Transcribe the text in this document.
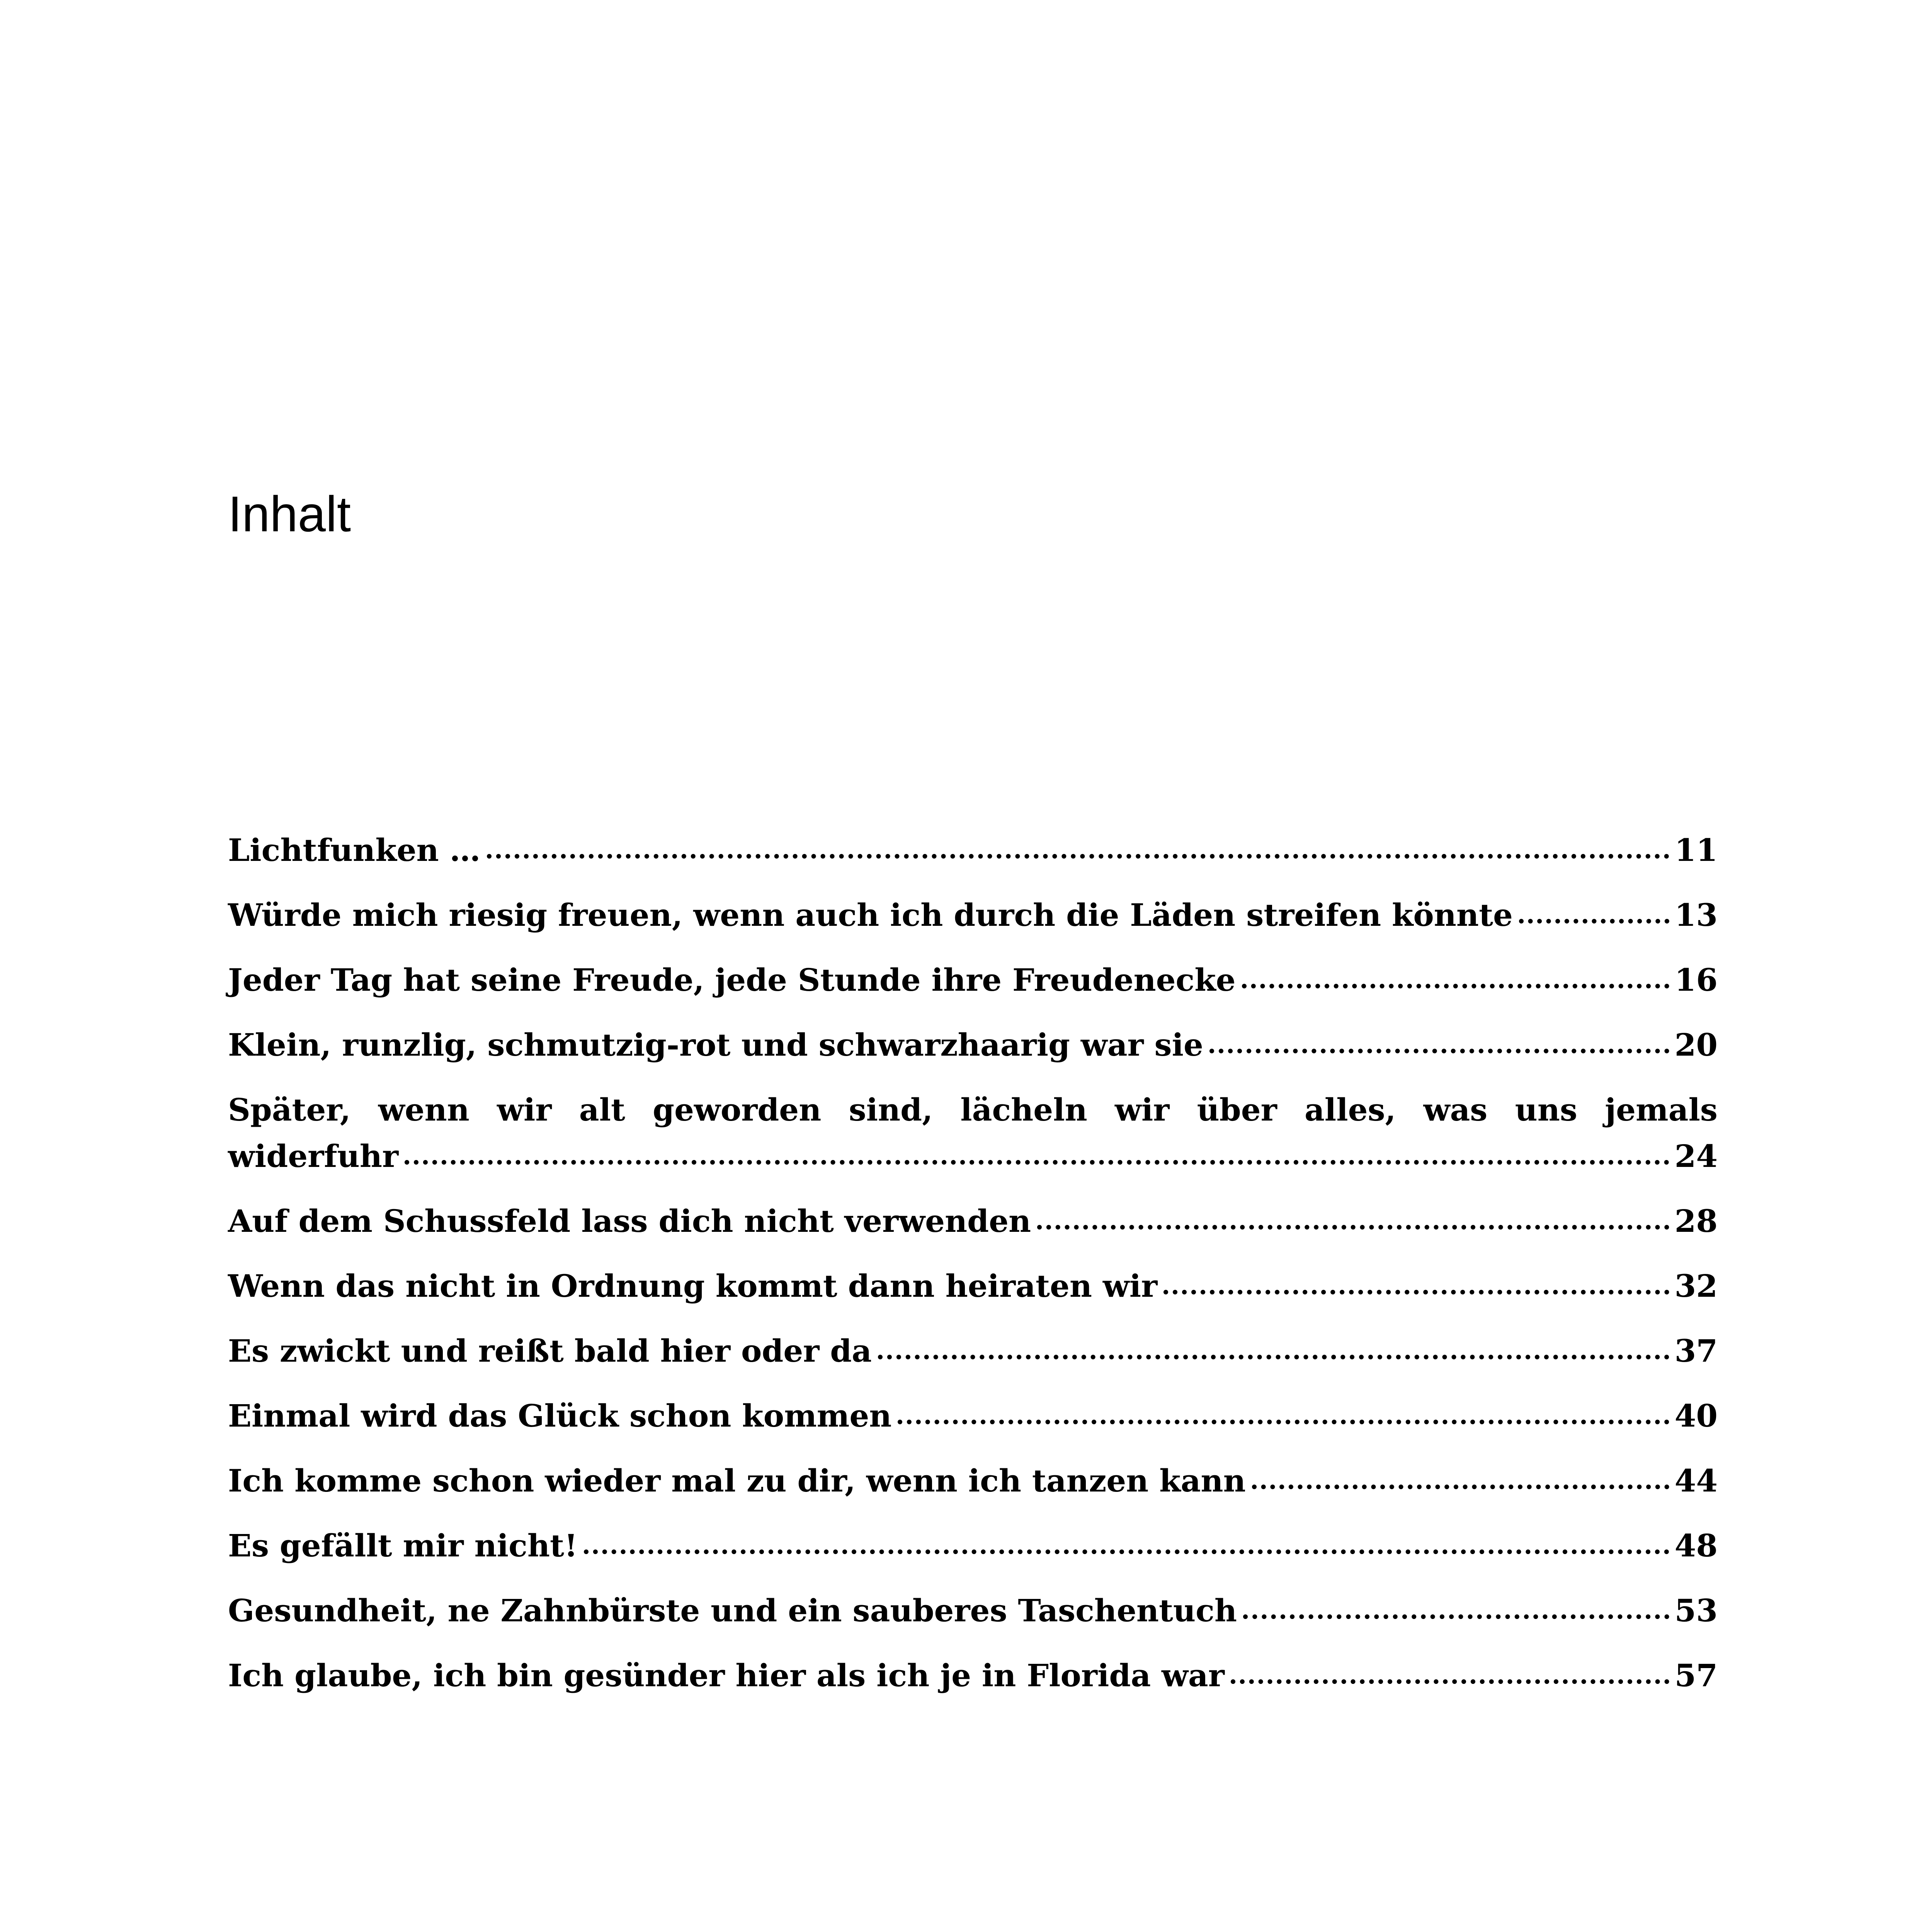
Inhalt
Lichtfunken …	11
Würde mich riesig freuen, wenn auch ich durch die Läden streifen könnte	13
Jeder Tag hat seine Freude, jede Stunde ihre Freudenecke	16
Klein, runzlig, schmutzig-rot und schwarzhaarig war sie	20
Später, wenn wir alt geworden sind, lächeln wir über alles, was uns jemals
widerfuhr	24
Auf dem Schussfeld lass dich nicht verwenden	28
Wenn das nicht in Ordnung kommt dann heiraten wir	32
Es zwickt und reißt bald hier oder da	37
Einmal wird das Glück schon kommen	40
Ich komme schon wieder mal zu dir, wenn ich tanzen kann	44
Es gefällt mir nicht!	48
Gesundheit, ne Zahnbürste und ein sauberes Taschentuch	53
Ich glaube, ich bin gesünder hier als ich je in Florida war	57
